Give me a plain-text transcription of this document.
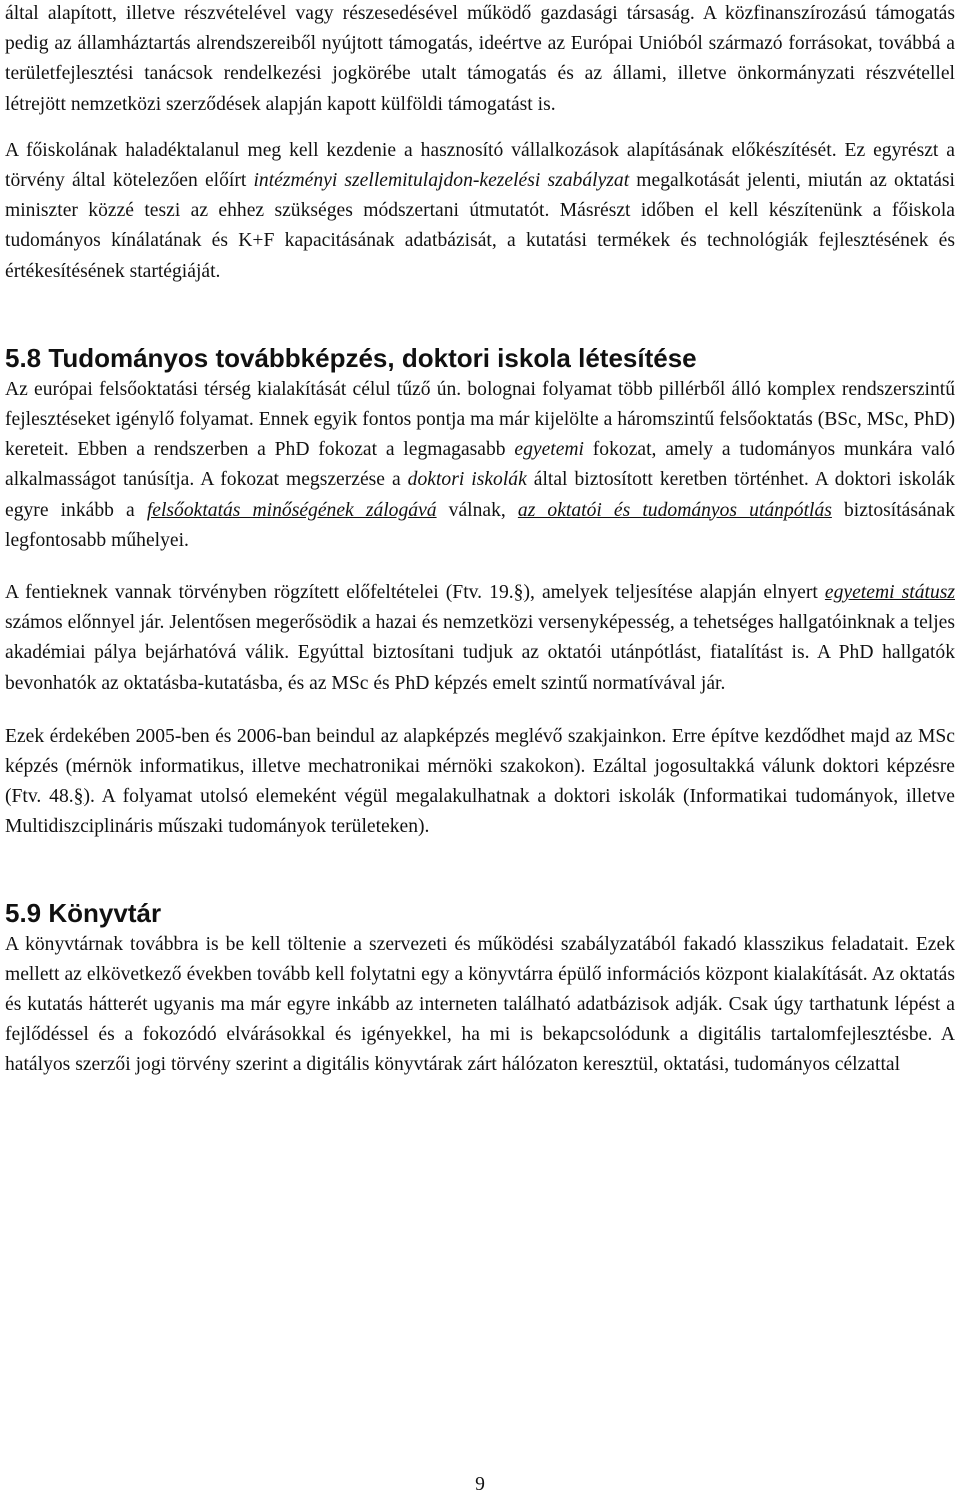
által alapított, illetve részvételével vagy részesedésével működő gazdasági társaság. A közfinanszírozású támogatás pedig az államháztartás alrendszereiből nyújtott támogatás, ideértve az Európai Unióból származó forrásokat, továbbá a területfejlesztési tanácsok rendelkezési jogkörébe utalt támogatás és az állami, illetve önkormányzati részvétellel létrejött nemzetközi szerződések alapján kapott külföldi támogatást is.

A főiskolának haladéktalanul meg kell kezdenie a hasznosító vállalkozások alapításának előkészítését. Ez egyrészt a törvény által kötelezően előírt intézményi szellemitulajdon-kezelési szabályzat megalkotását jelenti, miután az oktatási miniszter közzé teszi az ehhez szükséges módszertani útmutatót. Másrészt időben el kell készítenünk a főiskola tudományos kínálatának és K+F kapacitásának adatbázisát, a kutatási termékek és technológiák fejlesztésének és értékesítésének startégiáját.

5.8 Tudományos továbbképzés, doktori iskola létesítése

Az európai felsőoktatási térség kialakítását célul tűző ún. bolognai folyamat több pillérből álló komplex rendszerszintű fejlesztéseket igénylő folyamat. Ennek egyik fontos pontja ma már kijelölte a háromszintű felsőoktatás (BSc, MSc, PhD) kereteit. Ebben a rendszerben a PhD fokozat a legmagasabb egyetemi fokozat, amely a tudományos munkára való alkalmasságot tanúsítja. A fokozat megszerzése a doktori iskolák által biztosított keretben történhet. A doktori iskolák egyre inkább a felsőoktatás minőségének zálogává válnak, az oktatói és tudományos utánpótlás biztosításának legfontosabb műhelyei.

A fentieknek vannak törvényben rögzített előfeltételei (Ftv. 19.§), amelyek teljesítése alapján elnyert egyetemi státusz számos előnnyel jár. Jelentősen megerősödik a hazai és nemzetközi versenyképesség, a tehetséges hallgatóinknak a teljes akadémiai pálya bejárhatóvá válik. Egyúttal biztosítani tudjuk az oktatói utánpótlást, fiatalítást is. A PhD hallgatók bevonhatók az oktatásba-kutatásba, és az MSc és PhD képzés emelt szintű normatívával jár.

Ezek érdekében 2005-ben és 2006-ban beindul az alapképzés meglévő szakjainkon. Erre építve kezdődhet majd az MSc képzés (mérnök informatikus, illetve mechatronikai mérnöki szakokon). Ezáltal jogosultakká válunk doktori képzésre (Ftv. 48.§). A folyamat utolsó elemeként végül megalakulhatnak a doktori iskolák (Informatikai tudományok, illetve Multidiszciplináris műszaki tudományok területeken).

5.9 Könyvtár

A könyvtárnak továbbra is be kell töltenie a szervezeti és működési szabályzatából fakadó klasszikus feladatait. Ezek mellett az elkövetkező években tovább kell folytatni egy a könyvtárra épülő információs központ kialakítását. Az oktatás és kutatás hátterét ugyanis ma már egyre inkább az interneten található adatbázisok adják. Csak úgy tarthatunk lépést a fejlődéssel és a fokozódó elvárásokkal és igényekkel, ha mi is bekapcsolódunk a digitális tartalomfejlesztésbe. A hatályos szerzői jogi törvény szerint a digitális könyvtárak zárt hálózaton keresztül, oktatási, tudományos célzattal

9
